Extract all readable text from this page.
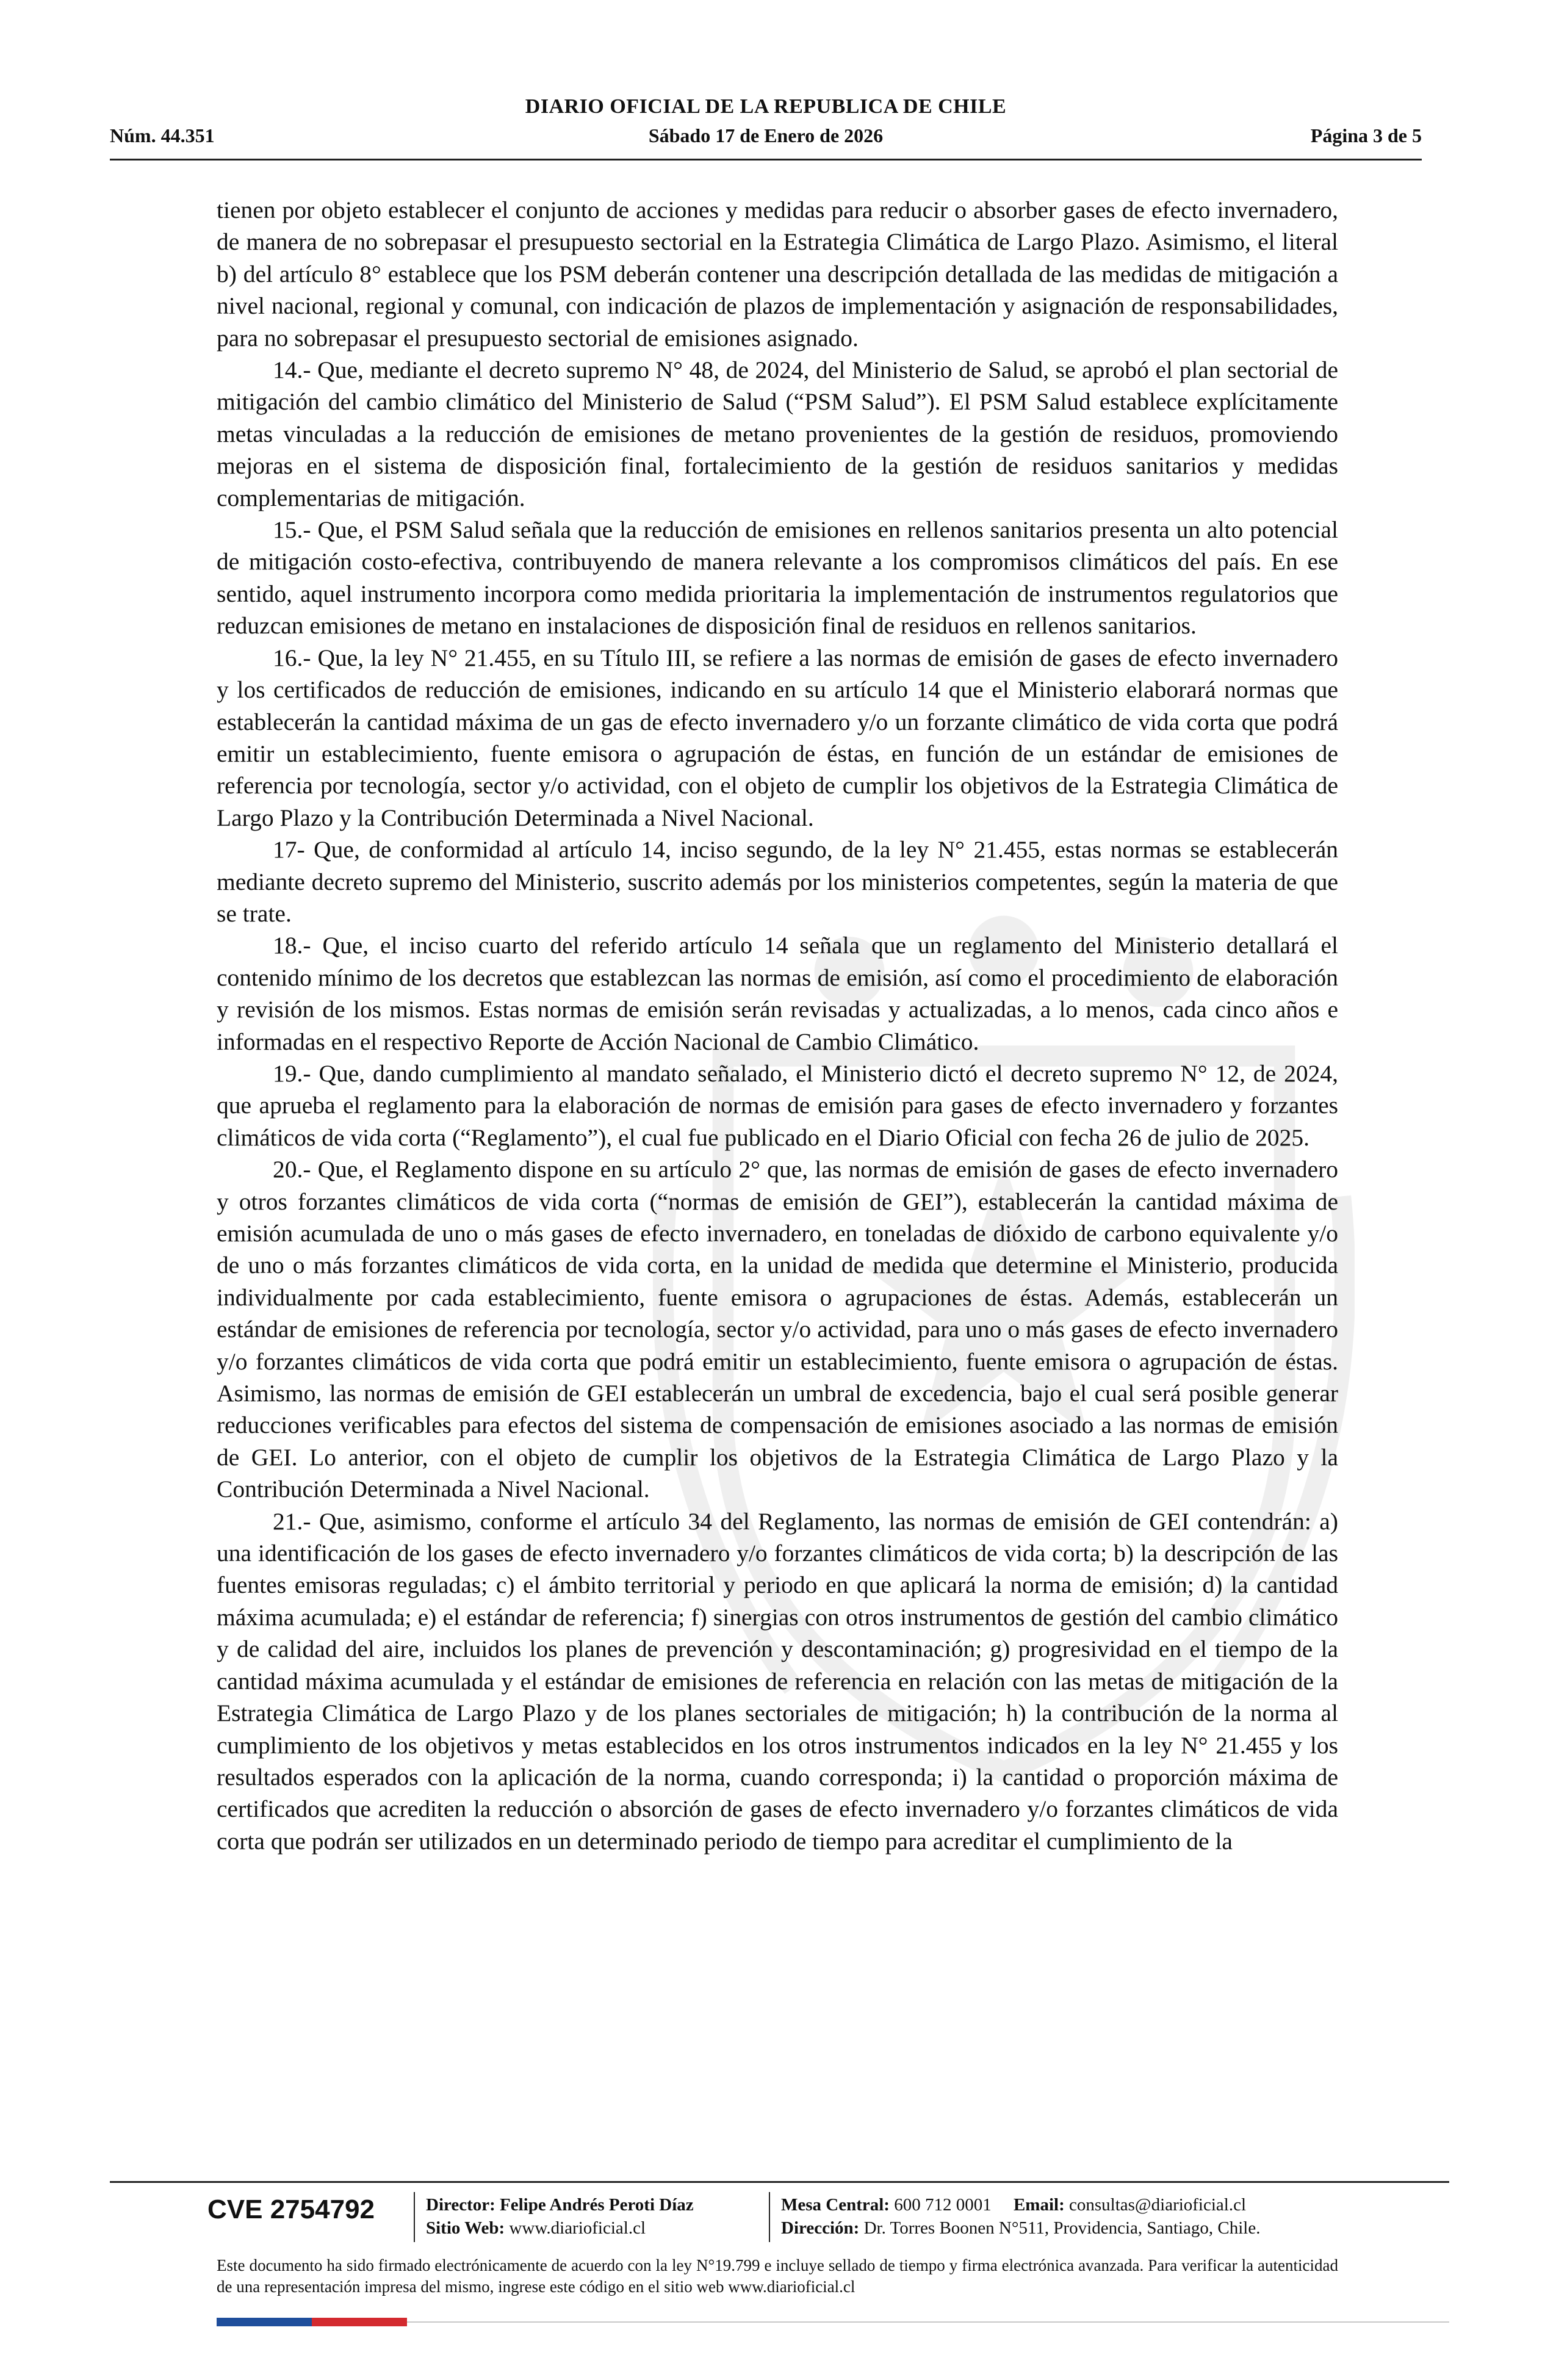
DIARIO OFICIAL DE LA REPUBLICA DE CHILE
Núm. 44.351	Sábado 17 de Enero de 2026	Página 3 de 5

tienen por objeto establecer el conjunto de acciones y medidas para reducir o absorber gases de efecto invernadero, de manera de no sobrepasar el presupuesto sectorial en la Estrategia Climática de Largo Plazo. Asimismo, el literal b) del artículo 8° establece que los PSM deberán contener una descripción detallada de las medidas de mitigación a nivel nacional, regional y comunal, con indicación de plazos de implementación y asignación de responsabilidades, para no sobrepasar el presupuesto sectorial de emisiones asignado.

14.- Que, mediante el decreto supremo N° 48, de 2024, del Ministerio de Salud, se aprobó el plan sectorial de mitigación del cambio climático del Ministerio de Salud (“PSM Salud”). El PSM Salud establece explícitamente metas vinculadas a la reducción de emisiones de metano provenientes de la gestión de residuos, promoviendo mejoras en el sistema de disposición final, fortalecimiento de la gestión de residuos sanitarios y medidas complementarias de mitigación.

15.- Que, el PSM Salud señala que la reducción de emisiones en rellenos sanitarios presenta un alto potencial de mitigación costo-efectiva, contribuyendo de manera relevante a los compromisos climáticos del país. En ese sentido, aquel instrumento incorpora como medida prioritaria la implementación de instrumentos regulatorios que reduzcan emisiones de metano en instalaciones de disposición final de residuos en rellenos sanitarios.

16.- Que, la ley N° 21.455, en su Título III, se refiere a las normas de emisión de gases de efecto invernadero y los certificados de reducción de emisiones, indicando en su artículo 14 que el Ministerio elaborará normas que establecerán la cantidad máxima de un gas de efecto invernadero y/o un forzante climático de vida corta que podrá emitir un establecimiento, fuente emisora o agrupación de éstas, en función de un estándar de emisiones de referencia por tecnología, sector y/o actividad, con el objeto de cumplir los objetivos de la Estrategia Climática de Largo Plazo y la Contribución Determinada a Nivel Nacional.

17- Que, de conformidad al artículo 14, inciso segundo, de la ley N° 21.455, estas normas se establecerán mediante decreto supremo del Ministerio, suscrito además por los ministerios competentes, según la materia de que se trate.

18.- Que, el inciso cuarto del referido artículo 14 señala que un reglamento del Ministerio detallará el contenido mínimo de los decretos que establezcan las normas de emisión, así como el procedimiento de elaboración y revisión de los mismos. Estas normas de emisión serán revisadas y actualizadas, a lo menos, cada cinco años e informadas en el respectivo Reporte de Acción Nacional de Cambio Climático.

19.- Que, dando cumplimiento al mandato señalado, el Ministerio dictó el decreto supremo N° 12, de 2024, que aprueba el reglamento para la elaboración de normas de emisión para gases de efecto invernadero y forzantes climáticos de vida corta (“Reglamento”), el cual fue publicado en el Diario Oficial con fecha 26 de julio de 2025.

20.- Que, el Reglamento dispone en su artículo 2° que, las normas de emisión de gases de efecto invernadero y otros forzantes climáticos de vida corta (“normas de emisión de GEI”), establecerán la cantidad máxima de emisión acumulada de uno o más gases de efecto invernadero, en toneladas de dióxido de carbono equivalente y/o de uno o más forzantes climáticos de vida corta, en la unidad de medida que determine el Ministerio, producida individualmente por cada establecimiento, fuente emisora o agrupaciones de éstas. Además, establecerán un estándar de emisiones de referencia por tecnología, sector y/o actividad, para uno o más gases de efecto invernadero y/o forzantes climáticos de vida corta que podrá emitir un establecimiento, fuente emisora o agrupación de éstas. Asimismo, las normas de emisión de GEI establecerán un umbral de excedencia, bajo el cual será posible generar reducciones verificables para efectos del sistema de compensación de emisiones asociado a las normas de emisión de GEI. Lo anterior, con el objeto de cumplir los objetivos de la Estrategia Climática de Largo Plazo y la Contribución Determinada a Nivel Nacional.

21.- Que, asimismo, conforme el artículo 34 del Reglamento, las normas de emisión de GEI contendrán: a) una identificación de los gases de efecto invernadero y/o forzantes climáticos de vida corta; b) la descripción de las fuentes emisoras reguladas; c) el ámbito territorial y periodo en que aplicará la norma de emisión; d) la cantidad máxima acumulada; e) el estándar de referencia; f) sinergias con otros instrumentos de gestión del cambio climático y de calidad del aire, incluidos los planes de prevención y descontaminación; g) progresividad en el tiempo de la cantidad máxima acumulada y el estándar de emisiones de referencia en relación con las metas de mitigación de la Estrategia Climática de Largo Plazo y de los planes sectoriales de mitigación; h) la contribución de la norma al cumplimiento de los objetivos y metas establecidos en los otros instrumentos indicados en la ley N° 21.455 y los resultados esperados con la aplicación de la norma, cuando corresponda; i) la cantidad o proporción máxima de certificados que acrediten la reducción o absorción de gases de efecto invernadero y/o forzantes climáticos de vida corta que podrán ser utilizados en un determinado periodo de tiempo para acreditar el cumplimiento de la

CVE 2754792	Director: Felipe Andrés Peroti Díaz
Sitio Web: www.diarioficial.cl
Mesa Central: 600 712 0001 Email: consultas@diarioficial.cl
Dirección: Dr. Torres Boonen N°511, Providencia, Santiago, Chile.
Este documento ha sido firmado electrónicamente de acuerdo con la ley N°19.799 e incluye sellado de tiempo y firma electrónica avanzada. Para verificar la autenticidad de una representación impresa del mismo, ingrese este código en el sitio web www.diarioficial.cl
